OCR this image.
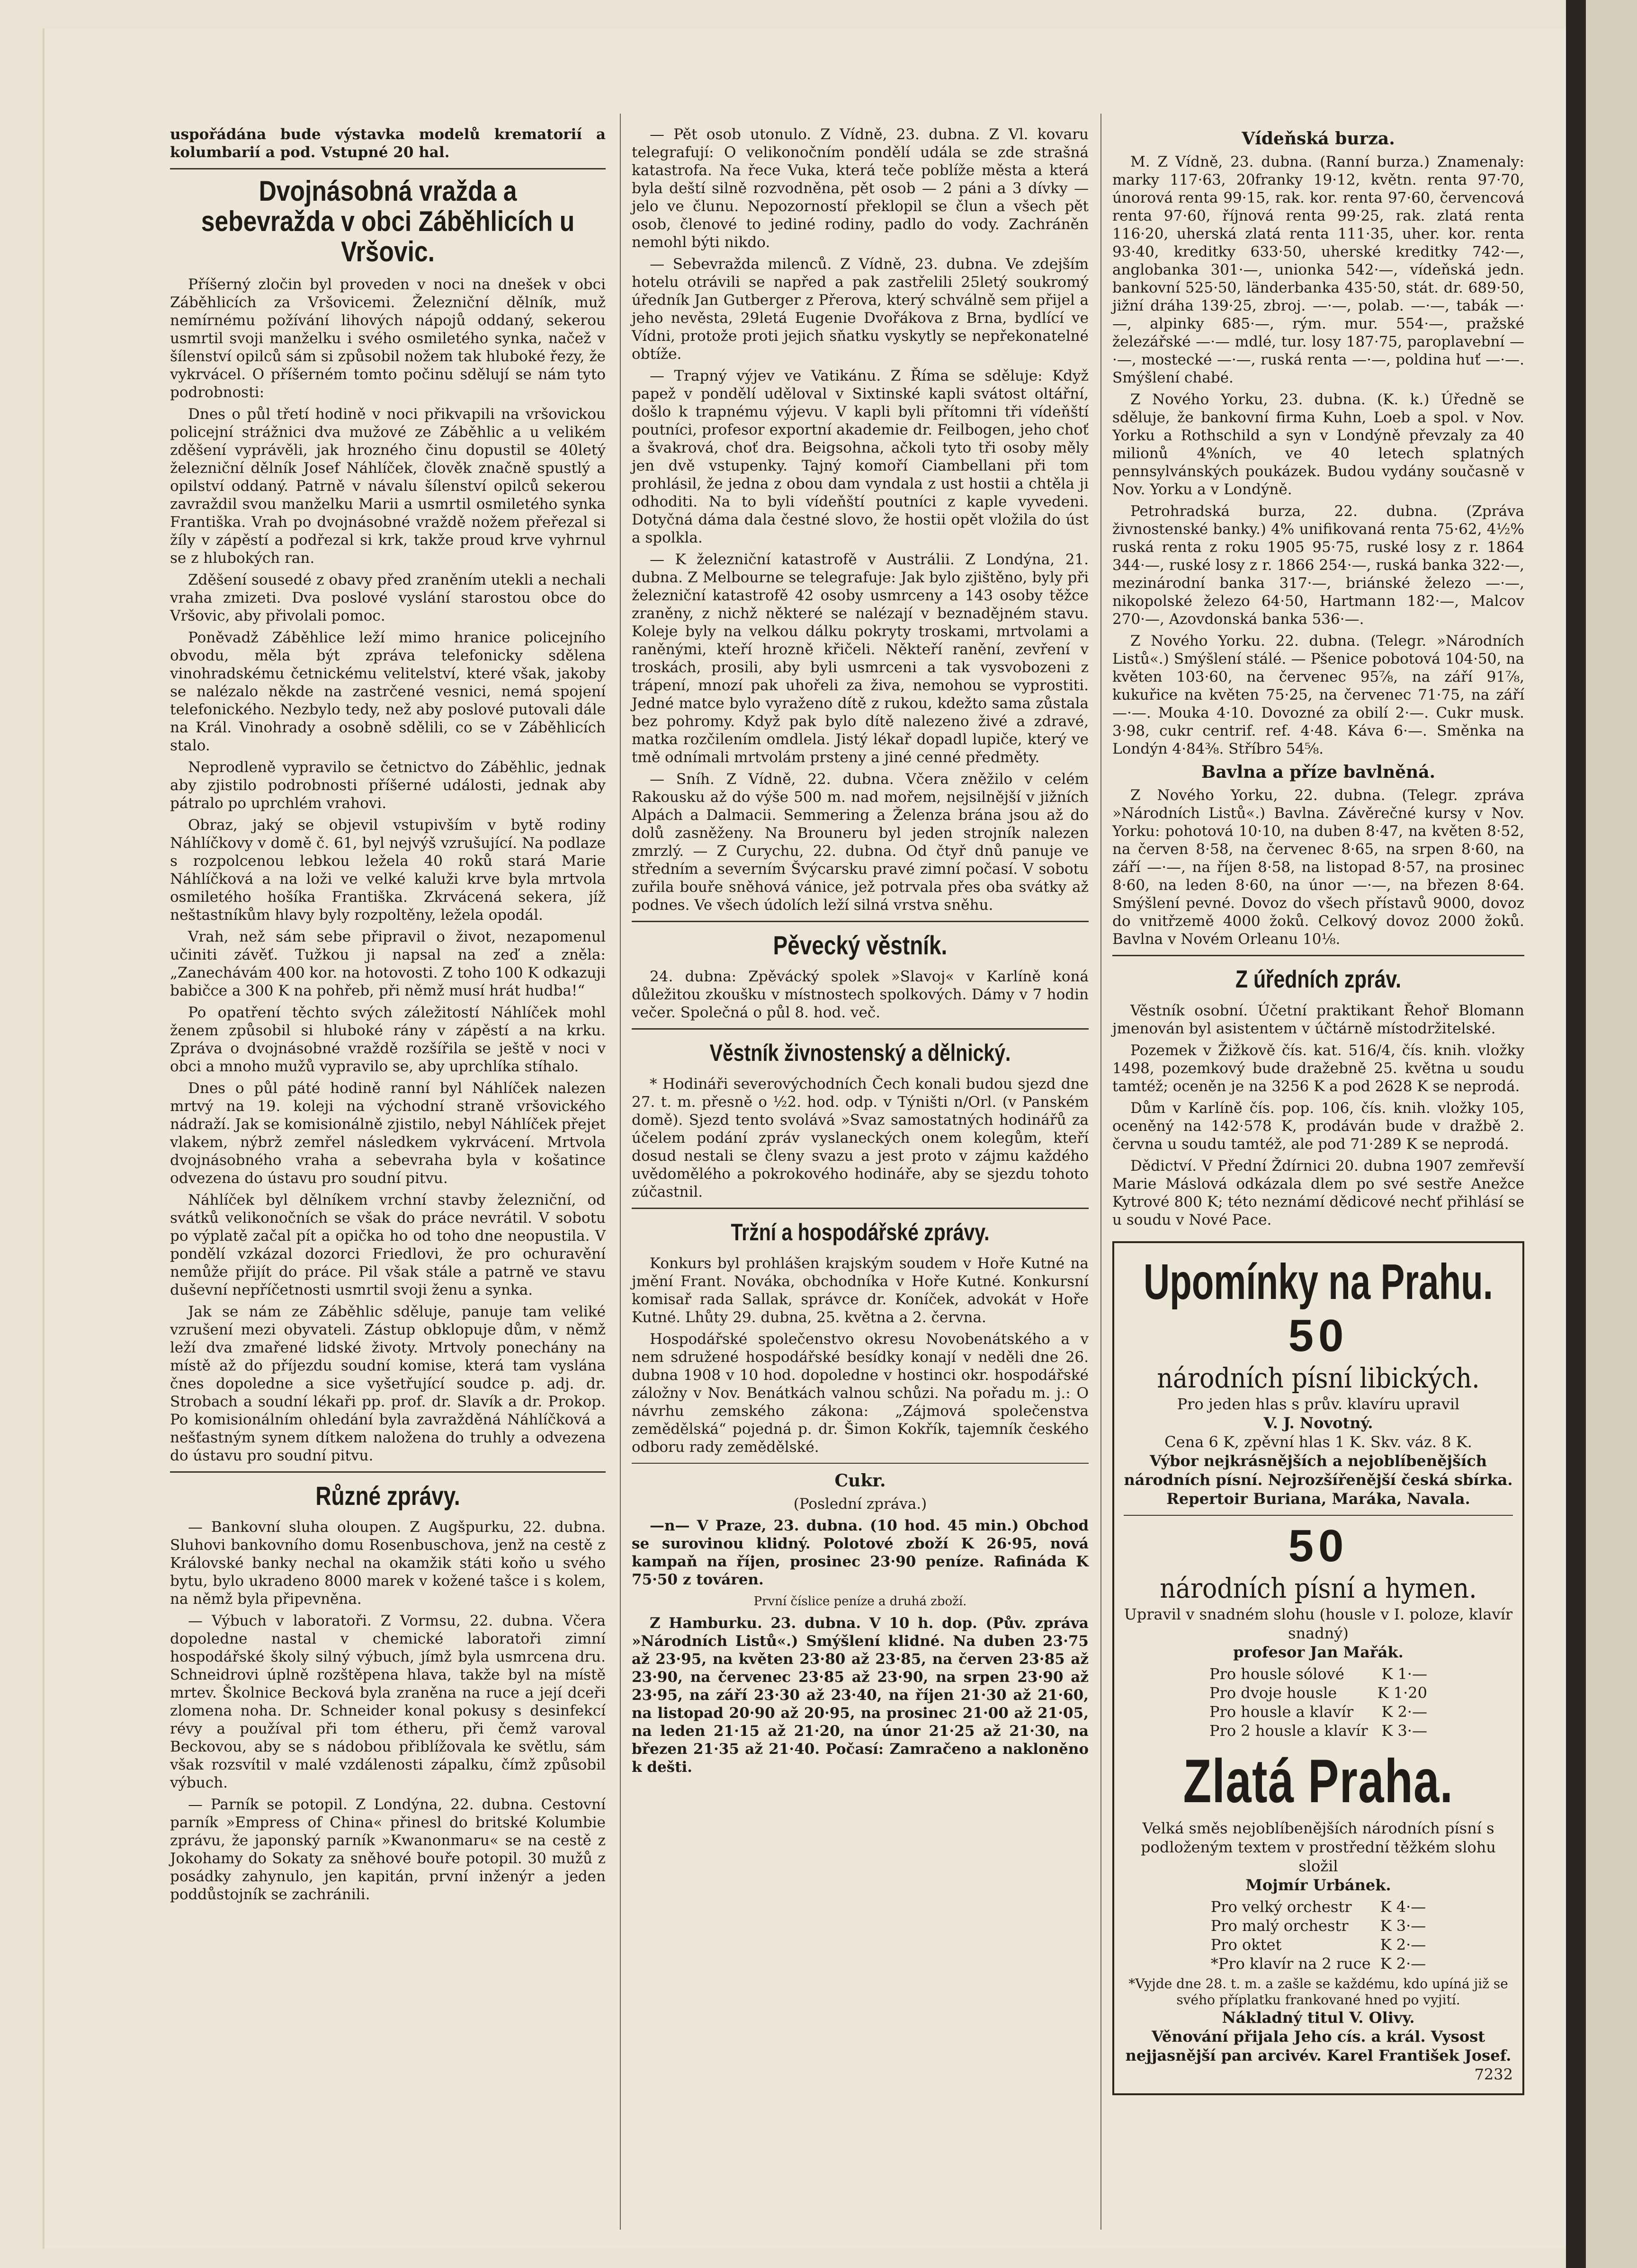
uspořádána bude výstavka modelů krematorií a kolumbarií a pod. Vstupné 20 hal.

Dvojnásobná vražda a sebevražda v obci Záběhlicích u Vršovic.

Příšerný zločin byl proveden v noci na dnešek v obci Záběhlicích za Vršovicemi. Železniční dělník, muž nemírnému požívání lihových nápojů oddaný, sekerou usmrtil svoji manželku i svého osmiletého synka, načež v šílenství opilců sám si způsobil nožem tak hluboké řezy, že vykrvácel. O příšerném tomto počinu sdělují se nám tyto podrobnosti:

Dnes o půl třetí hodině v noci přikvapili na vršovickou policejní strážnici dva mužové ze Záběhlic a u velikém zděšení vyprávěli, jak hrozného činu dopustil se 40letý železniční dělník Josef Náhlíček, člověk značně spustlý a opilství oddaný. Patrně v návalu šílenství opilců sekerou zavraždil svou manželku Marii a usmrtil osmiletého synka Františka. Vrah po dvojnásobné vraždě nožem přeřezal si žíly v zápěstí a podřezal si krk, takže proud krve vyhrnul se z hlubokých ran.

Zděšení sousedé z obavy před zraněním utekli a nechali vraha zmizeti. Dva poslové vyslání starostou obce do Vršovic, aby přivolali pomoc.

Poněvadž Záběhlice leží mimo hranice policejního obvodu, měla být zpráva telefonicky sdělena vinohradskému četnickému velitelství, které však, jakoby se nalézalo někde na zastrčené vesnici, nemá spojení telefonického. Nezbylo tedy, než aby poslové putovali dále na Král. Vinohrady a osobně sdělili, co se v Záběhlicích stalo.

Neprodleně vypravilo se četnictvo do Záběhlic, jednak aby zjistilo podrobnosti příšerné události, jednak aby pátralo po uprchlém vrahovi.

Obraz, jaký se objevil vstupivším v bytě rodiny Náhlíčkovy v domě č. 61, byl nejvýš vzrušující. Na podlaze s rozpolcenou lebkou ležela 40 roků stará Marie Náhlíčková a na loži ve velké kaluži krve byla mrtvola osmiletého hošíka Františka. Zkrvácená sekera, jíž neštastníkům hlavy byly rozpoltěny, ležela opodál.

Vrah, než sám sebe připravil o život, nezapomenul učiniti závěť. Tužkou ji napsal na zeď a zněla: „Zanechávám 400 kor. na hotovosti. Z toho 100 K odkazuji babičce a 300 K na pohřeb, při němž musí hrát hudba!“

Po opatření těchto svých záležitostí Náhlíček mohl ženem způsobil si hluboké rány v zápěstí a na krku. Zpráva o dvojnásobné vraždě rozšířila se ještě v noci v obci a mnoho mužů vypravilo se, aby uprchlíka stíhalo.

Dnes o půl páté hodině ranní byl Náhlíček nalezen mrtvý na 19. koleji na východní straně vršovického nádraží. Jak se komisionálně zjistilo, nebyl Náhlíček přejet vlakem, nýbrž zemřel následkem vykrvácení. Mrtvola dvojnásobného vraha a sebevraha byla v košatince odvezena do ústavu pro soudní pitvu.

Náhlíček byl dělníkem vrchní stavby železniční, od svátků velikonočních se však do práce nevrátil. V sobotu po výplatě začal pít a opička ho od toho dne neopustila. V pondělí vzkázal dozorci Friedlovi, že pro ochuravění nemůže přijít do práce. Pil však stále a patrně ve stavu duševní nepříčetnosti usmrtil svoji ženu a synka.

Jak se nám ze Záběhlic sděluje, panuje tam veliké vzrušení mezi obyvateli. Zástup obklopuje dům, v němž leží dva zmařené lidské životy. Mrtvoly ponechány na místě až do příjezdu soudní komise, která tam vyslána čnes dopoledne a sice vyšetřující soudce p. adj. dr. Strobach a soudní lékaři pp. prof. dr. Slavík a dr. Prokop. Po komisionálním ohledání byla zavražděná Náhlíčková a nešťastným synem dítkem naložena do truhly a odvezena do ústavu pro soudní pitvu.

Různé zprávy.

— Bankovní sluha oloupen. Z Augšpurku, 22. dubna. Sluhovi bankovního domu Rosenbuschova, jenž na cestě z Královské banky nechal na okamžik státi koňo u svého bytu, bylo ukradeno 8000 marek v kožené tašce i s kolem, na němž byla připevněna.

— Výbuch v laboratoři. Z Vormsu, 22. dubna. Včera dopoledne nastal v chemické laboratoři zimní hospodářské školy silný výbuch, jímž byla usmrcena dru. Schneidrovi úplně rozštěpena hlava, takže byl na místě mrtev. Školnice Becková byla zraněna na ruce a její dceři zlomena noha. Dr. Schneider konal pokusy s desinfekcí révy a používal při tom étheru, při čemž varoval Beckovou, aby se s nádobou přiblížovala ke světlu, sám však rozsvítil v malé vzdálenosti zápalku, čímž způsobil výbuch.

— Parník se potopil. Z Londýna, 22. dubna. Cestovní parník »Empress of China« přinesl do britské Kolumbie zprávu, že japonský parník »Kwanonmaru« se na cestě z Jokohamy do Sokaty za sněhové bouře potopil. 30 mužů z posádky zahynulo, jen kapitán, první inženýr a jeden poddůstojník se zachránili.

— Pět osob utonulo. Z Vídně, 23. dubna. Z Vl. kovaru telegrafují: O velikonočním pondělí udála se zde strašná katastrofa. Na řece Vuka, která teče poblíže města a která byla deští silně rozvodněna, pět osob — 2 páni a 3 dívky — jelo ve člunu. Nepozorností překlopil se člun a všech pět osob, členové to jediné rodiny, padlo do vody. Zachráněn nemohl býti nikdo.

— Sebevražda milenců. Z Vídně, 23. dubna. Ve zdejším hotelu otrávili se napřed a pak zastřelili 25letý soukromý úředník Jan Gutberger z Přerova, který schválně sem přijel a jeho nevěsta, 29letá Eugenie Dvořákova z Brna, bydlící ve Vídni, protože proti jejich sňatku vyskytly se nepřekonatelné obtíže.

— Trapný výjev ve Vatikánu. Z Říma se sděluje: Když papež v pondělí uděloval v Sixtinské kapli svátost oltářní, došlo k trapnému výjevu. V kapli byli přítomni tři vídeňští poutníci, profesor exportní akademie dr. Feilbogen, jeho choť a švakrová, choť dra. Beigsohna, ačkoli tyto tři osoby měly jen dvě vstupenky. Tajný komoří Ciambellani při tom prohlásil, že jedna z obou dam vyndala z ust hostii a chtěla ji odhoditi. Na to byli vídeňští poutníci z kaple vyvedeni. Dotyčná dáma dala čestné slovo, že hostii opět vložila do úst a spolkla.

— K železniční katastrofě v Austrálii. Z Londýna, 21. dubna. Z Melbourne se telegrafuje: Jak bylo zjištěno, byly při železniční katastrofě 42 osoby usmrceny a 143 osoby těžce zraněny, z nichž některé se nalézají v beznadějném stavu. Koleje byly na velkou dálku pokryty troskami, mrtvolami a raněnými, kteří hrozně křičeli. Někteří ranění, zevření v troskách, prosili, aby byli usmrceni a tak vysvobozeni z trápení, mnozí pak uhořeli za živa, nemohou se vyprostiti. Jedné matce bylo vyraženo dítě z rukou, kdežto sama zůstala bez pohromy. Když pak bylo dítě nalezeno živé a zdravé, matka rozčilením omdlela. Jistý lékař dopadl lupiče, který ve tmě odnímali mrtvolám prsteny a jiné cenné předměty.

— Sníh. Z Vídně, 22. dubna. Včera zněžilo v celém Rakousku až do výše 500 m. nad mořem, nejsilnější v jižních Alpách a Dalmacii. Semmering a Želenza brána jsou až do dolů zasněženy. Na Brouneru byl jeden strojník nalezen zmrzlý. — Z Curychu, 22. dubna. Od čtyř dnů panuje ve středním a severním Švýcarsku pravé zimní počasí. V sobotu zuřila bouře sněhová vánice, jež potrvala přes oba svátky až podnes. Ve všech údolích leží silná vrstva sněhu.

Pěvecký věstník.

24. dubna: Zpěvácký spolek »Slavoj« v Karlíně koná důležitou zkoušku v místnostech spolkových. Dámy v 7 hodin večer. Společná o půl 8. hod. več.

Věstník živnostenský a dělnický.

* Hodináři severovýchodních Čech konali budou sjezd dne 27. t. m. přesně o ½2. hod. odp. v Týništi n/Orl. (v Panském domě). Sjezd tento svolává »Svaz samostatných hodinářů za účelem podání zpráv vyslaneckých onem kolegům, kteří dosud nestali se členy svazu a jest proto v zájmu každého uvědomělého a pokrokového hodináře, aby se sjezdu tohoto zúčastnil.

Tržní a hospodářské zprávy.

Konkurs byl prohlášen krajským soudem v Hoře Kutné na jmění Frant. Nováka, obchodníka v Hoře Kutné. Konkursní komisař rada Sallak, správce dr. Koníček, advokát v Hoře Kutné. Lhůty 29. dubna, 25. května a 2. června.

Hospodářské společenstvo okresu Novobenátského a v nem sdružené hospodářské besídky konají v neděli dne 26. dubna 1908 v 10 hod. dopoledne v hostinci okr. hospodářské záložny v Nov. Benátkách valnou schůzi. Na pořadu m. j.: O návrhu zemského zákona: „Zájmová společenstva zemědělská“ pojedná p. dr. Šimon Kokřík, tajemník českého odboru rady zemědělské.

Cukr.

(Poslední zpráva.)

—n— V Praze, 23. dubna. (10 hod. 45 min.) Obchod se surovinou klidný. Polotové zboží K 26·95, nová kampaň na říjen, prosinec 23·90 peníze. Rafináda K 75·50 z továren.

První číslice peníze a druhá zboží.

Z Hamburku. 23. dubna. V 10 h. dop. (Pův. zpráva »Národních Listů«.) Smýšlení klidné. Na duben 23·75 až 23·95, na květen 23·80 až 23·85, na červen 23·85 až 23·90, na červenec 23·85 až 23·90, na srpen 23·90 až 23·95, na září 23·30 až 23·40, na říjen 21·30 až 21·60, na listopad 20·90 až 20·95, na prosinec 21·00 až 21·05, na leden 21·15 až 21·20, na únor 21·25 až 21·30, na březen 21·35 až 21·40. Počasí: Zamračeno a nakloněno k dešti.

Vídeňská burza.

M. Z Vídně, 23. dubna. (Ranní burza.) Znamenaly: marky 117·63, 20franky 19·12, květn. renta 97·70, únorová renta 99·15, rak. kor. renta 97·60, červencová renta 97·60, říjnová renta 99·25, rak. zlatá renta 116·20, uherská zlatá renta 111·35, uher. kor. renta 93·40, kreditky 633·50, uherské kreditky 742·—, anglobanka 301·—, unionka 542·—, vídeňská jedn. bankovní 525·50, länderbanka 435·50, stát. dr. 689·50, jižní dráha 139·25, zbroj. —·—, polab. —·—, tabák —·—, alpinky 685·—, rým. mur. 554·—, pražské železářské —·— mdlé, tur. losy 187·75, paroplavební —·—, mostecké —·—, ruská renta —·—, poldina huť —·—. Smýšlení chabé.

Z Nového Yorku, 23. dubna. (K. k.) Úředně se sděluje, že bankovní firma Kuhn, Loeb a spol. v Nov. Yorku a Rothschild a syn v Londýně převzaly za 40 milionů 4%ních, ve 40 letech splatných pennsylvánských poukázek. Budou vydány současně v Nov. Yorku a v Londýně.

Petrohradská burza, 22. dubna. (Zpráva živnostenské banky.) 4% unifikovaná renta 75·62, 4½% ruská renta z roku 1905 95·75, ruské losy z r. 1864 344·—, ruské losy z r. 1866 254·—, ruská banka 322·—, mezinárodní banka 317·—, briánské železo —·—, nikopolské železo 64·50, Hartmann 182·—, Malcov 270·—, Azovdonská banka 536·—.

Z Nového Yorku. 22. dubna. (Telegr. »Národních Listů«.) Smýšlení stálé. — Pšenice pobotová 104·50, na květen 103·60, na červenec 95⅞, na září 91⅞, kukuřice na květen 75·25, na červenec 71·75, na září —·—. Mouka 4·10. Dovozné za obilí 2·—. Cukr musk. 3·98, cukr centrif. ref. 4·48. Káva 6·—. Směnka na Londýn 4·84⅜. Stříbro 54⅝.

Bavlna a příze bavlněná.

Z Nového Yorku, 22. dubna. (Telegr. zpráva »Národních Listů«.) Bavlna. Závěrečné kursy v Nov. Yorku: pohotová 10·10, na duben 8·47, na květen 8·52, na červen 8·58, na červenec 8·65, na srpen 8·60, na září —·—, na říjen 8·58, na listopad 8·57, na prosinec 8·60, na leden 8·60, na únor —·—, na březen 8·64. Smýšlení pevné. Dovoz do všech přístavů 9000, dovoz do vnitřzemě 4000 žoků. Celkový dovoz 2000 žoků. Bavlna v Novém Orleanu 10⅛.

Z úředních zpráv.

Věstník osobní. Účetní praktikant Řehoř Blomann jmenován byl asistentem v účtárně místodržitelské.

Pozemek v Žižkově čís. kat. 516/4, čís. knih. vložky 1498, pozemkový bude dražebně 25. května u soudu tamtéž; oceněn je na 3256 K a pod 2628 K se neprodá.

Dům v Karlíně čís. pop. 106, čís. knih. vložky 105, oceněný na 142·578 K, prodáván bude v dražbě 2. června u soudu tamtéž, ale pod 71·289 K se neprodá.

Dědictví. V Přední Ždírnici 20. dubna 1907 zemřevší Marie Máslová odkázala dlem po své sestře Anežce Kytrové 800 K; této neznámí dědicové nechť přihlásí se u soudu v Nové Pace.

Upomínky na Prahu.
50
národních písní libických.
Pro jeden hlas s prův. klavíru upravil
V. J. Novotný.
Cena 6 K, zpěvní hlas 1 K. Skv. váz. 8 K.
Výbor nejkrásnějších a nejoblíbenějších národních písní. Nejrozšířenější česká sbírka. Repertoir Buriana, Maráka, Navala.
50
národních písní a hymen.
Upravil v snadném slohu (housle v I. poloze, klavír snadný)
profesor Jan Mařák.
Pro housle sólové	K 1·—
Pro dvoje housle	K 1·20
Pro housle a klavír	K 2·—
Pro 2 housle a klavír	K 3·—
Zlatá Praha.
Velká směs nejoblíbenějších národních písní s podloženým textem v prostřední těžkém slohu složil
Mojmír Urbánek.
Pro velký orchestr	K 4·—
Pro malý orchestr	K 3·—
Pro oktet	K 2·—
*Pro klavír na 2 ruce	K 2·—
*Vyjde dne 28. t. m. a zašle se každému, kdo upíná již se svého příplatku frankované hned po vyjití.
Nákladný titul V. Olivy.
Věnování přijala Jeho cís. a král. Vysost nejjasnější pan arcivév. Karel František Josef.
7232
